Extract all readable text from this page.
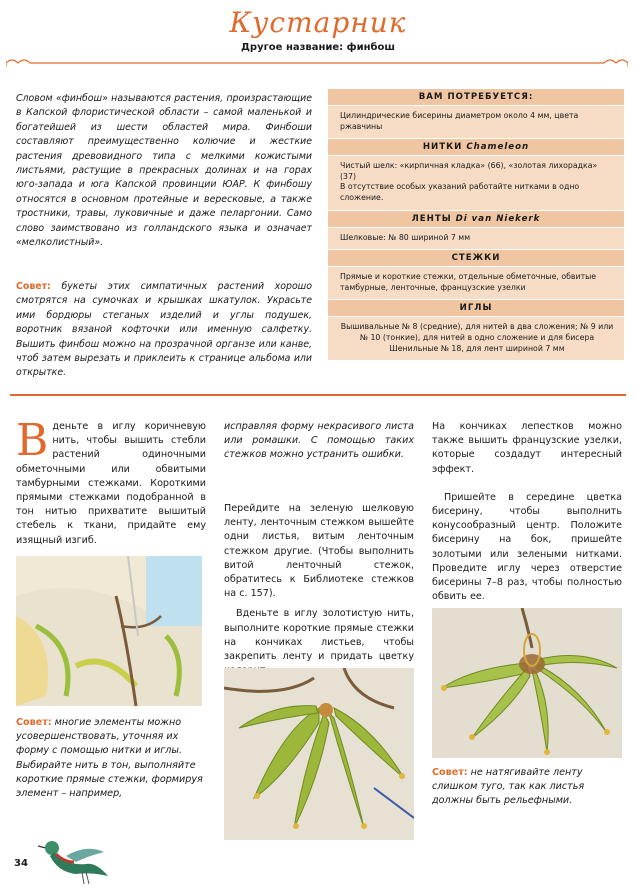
Кустарник
Другое название: финбош
Словом «финбош» называются растения, произрастающие в Капской флористической области – самой маленькой и богатейшей из шести областей мира. Финбоши составляют преимущественно колючие и жесткие растения древовидного типа с мелкими кожистыми листьями, растущие в прекрасных долинах и на горах юго-запада и юга Капской провинции ЮАР. К финбошу относятся в основном протейные и вересковые, а также тростники, травы, луковичные и даже пеларгонии. Само слово заимствовано из голландского языка и означает «мелколистный».
Совет: букеты этих симпатичных растений хорошо смотрятся на сумочках и крышках шкатулок. Украсьте ими бордюры стеганых изделий и углы подушек, воротник вязаной кофточки или именную салфетку. Вышить финбош можно на прозрачной органзе или канве, чтоб затем вырезать и приклеить к странице альбома или открытке.
ВАМ ПОТРЕБУЕТСЯ:
Цилиндрические бисерины диаметром около 4 мм, цвета ржавчины
НИТКИ Chameleon
Чистый шелк: «кирпичная кладка» (66), «золотая лихорадка» (37)
В отсутствие особых указаний работайте нитками в одно сложение.
ЛЕНТЫ Di van Niekerk
Шелковые: № 80 шириной 7 мм
СТЕЖКИ
Прямые и короткие стежки, отдельные обметочные, обвитые тамбурные, ленточные, французские узелки
ИГЛЫ
Вышивальные № 8 (средние), для нитей в два сложения; № 9 или № 10 (тонкие), для нитей в одно сложение и для бисера Шенильные № 18, для лент шириной 7 мм
Вденьте в иглу коричневую нить, чтобы вышить стебли растений одиночными обметочными или обвитыми тамбурными стежками. Короткими прямыми стежками подобранной в тон нитью прихватите вышитый стебель к ткани, придайте ему изящный изгиб.
Совет: многие элементы можно усовершенствовать, уточняя их форму с помощью нитки и иглы. Выбирайте нить в тон, выполняйте короткие прямые стежки, формируя элемент – например,
исправляя форму некрасивого листа или ромашки. С помощью таких стежков можно устранить ошибки.

Перейдите на зеленую шелковую ленту, ленточным стежком вышейте одни листья, витым ленточным стежком другие. (Чтобы выполнить витой ленточный стежок, обратитесь к Библиотеке стежков на с. 157).

Вденьте в иглу золотистую нить, выполните короткие прямые стежки на кончиках листьев, чтобы закрепить ленту и придать цветку

На кончиках лепестков можно также вышить французские узелки, которые создадут интересный эффект.

Пришейте в середине цветка бисерину, чтобы выполнить конусообразный центр. Положите бисерину на бок, пришейте золотыми или зелеными нитками. Проведите иглу через отверстие бисерины 7–8 раз, чтобы полностью обвить ее.

Совет: не натягивайте ленту слишком туго, так как листья должны быть рельефными.
34
